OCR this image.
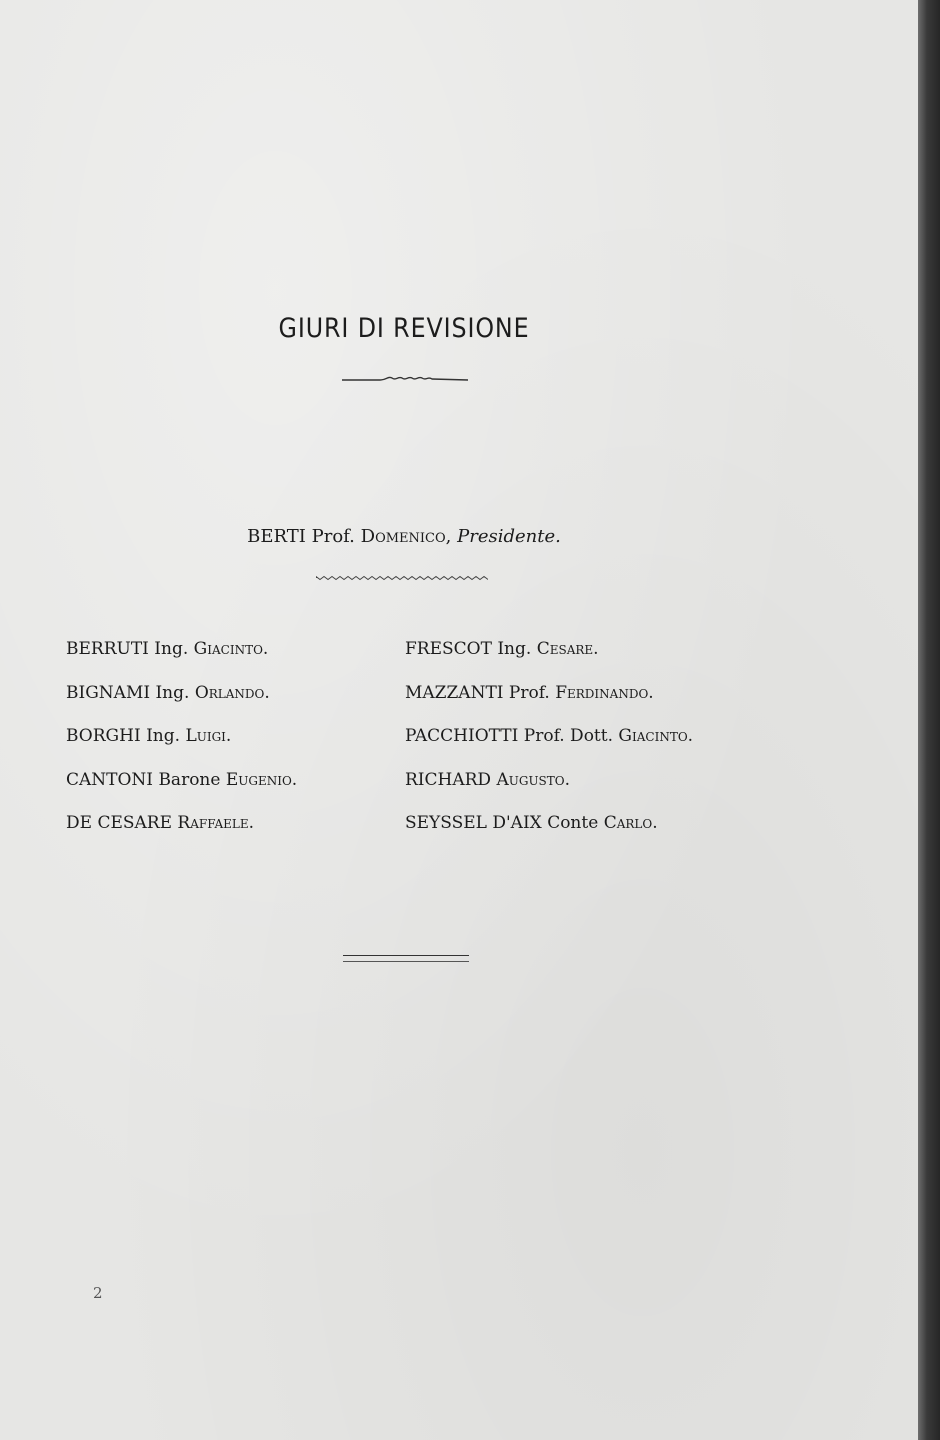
GIURI DI REVISIONE
BERTI Prof. Domenico, Presidente.
BERRUTI Ing. Giacinto.
BIGNAMI Ing. Orlando.
BORGHI Ing. Luigi.
CANTONI Barone Eugenio.
DE CESARE Raffaele.
FRESCOT Ing. Cesare.
MAZZANTI Prof. Ferdinando.
PACCHIOTTI Prof. Dott. Giacinto.
RICHARD Augusto.
SEYSSEL D'AIX Conte Carlo.
2
